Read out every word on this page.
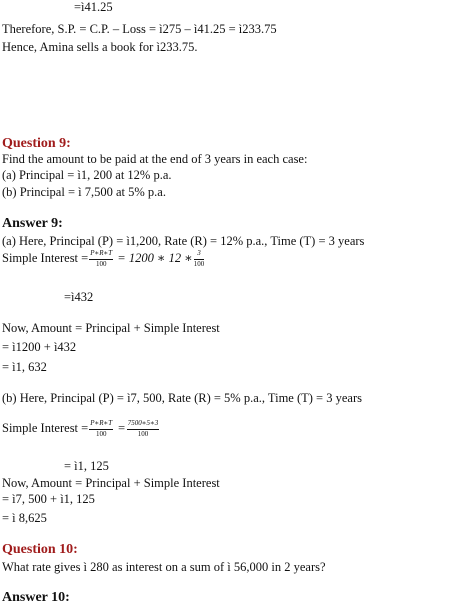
=ì41.25
Therefore, S.P. = C.P. – Loss = ì275 – ì41.25 = ì233.75
Hence, Amina sells a book for ì233.75.
Question 9:
Find the amount to be paid at the end of 3 years in each case:
(a) Principal = ì1, 200 at 12% p.a.
(b) Principal = ì 7,500 at 5% p.a.
Answer 9:
(a) Here, Principal (P) = ì1,200, Rate (R) = 12% p.a., Time (T) = 3 years
Simple Interest = $\frac{P∗R∗T}{100} = 1200$ ∗ 12 ∗ $\frac{3}{100}$
=ì432
Now, Amount = Principal + Simple Interest
= ì1200 + ì432
= ì1, 632
(b) Here, Principal (P) = ì7, 500, Rate (R) = 5% p.a., Time (T) = 3 years
Simple Interest = $\frac{P∗R∗T}{100} = \frac{7500∗5∗3}{100}$
= ì1, 125
Now, Amount = Principal + Simple Interest
= ì7, 500 + ì1, 125
= ì 8,625
Question 10:
What rate gives ì 280 as interest on a sum of ì 56,000 in 2 years?
Answer 10:
